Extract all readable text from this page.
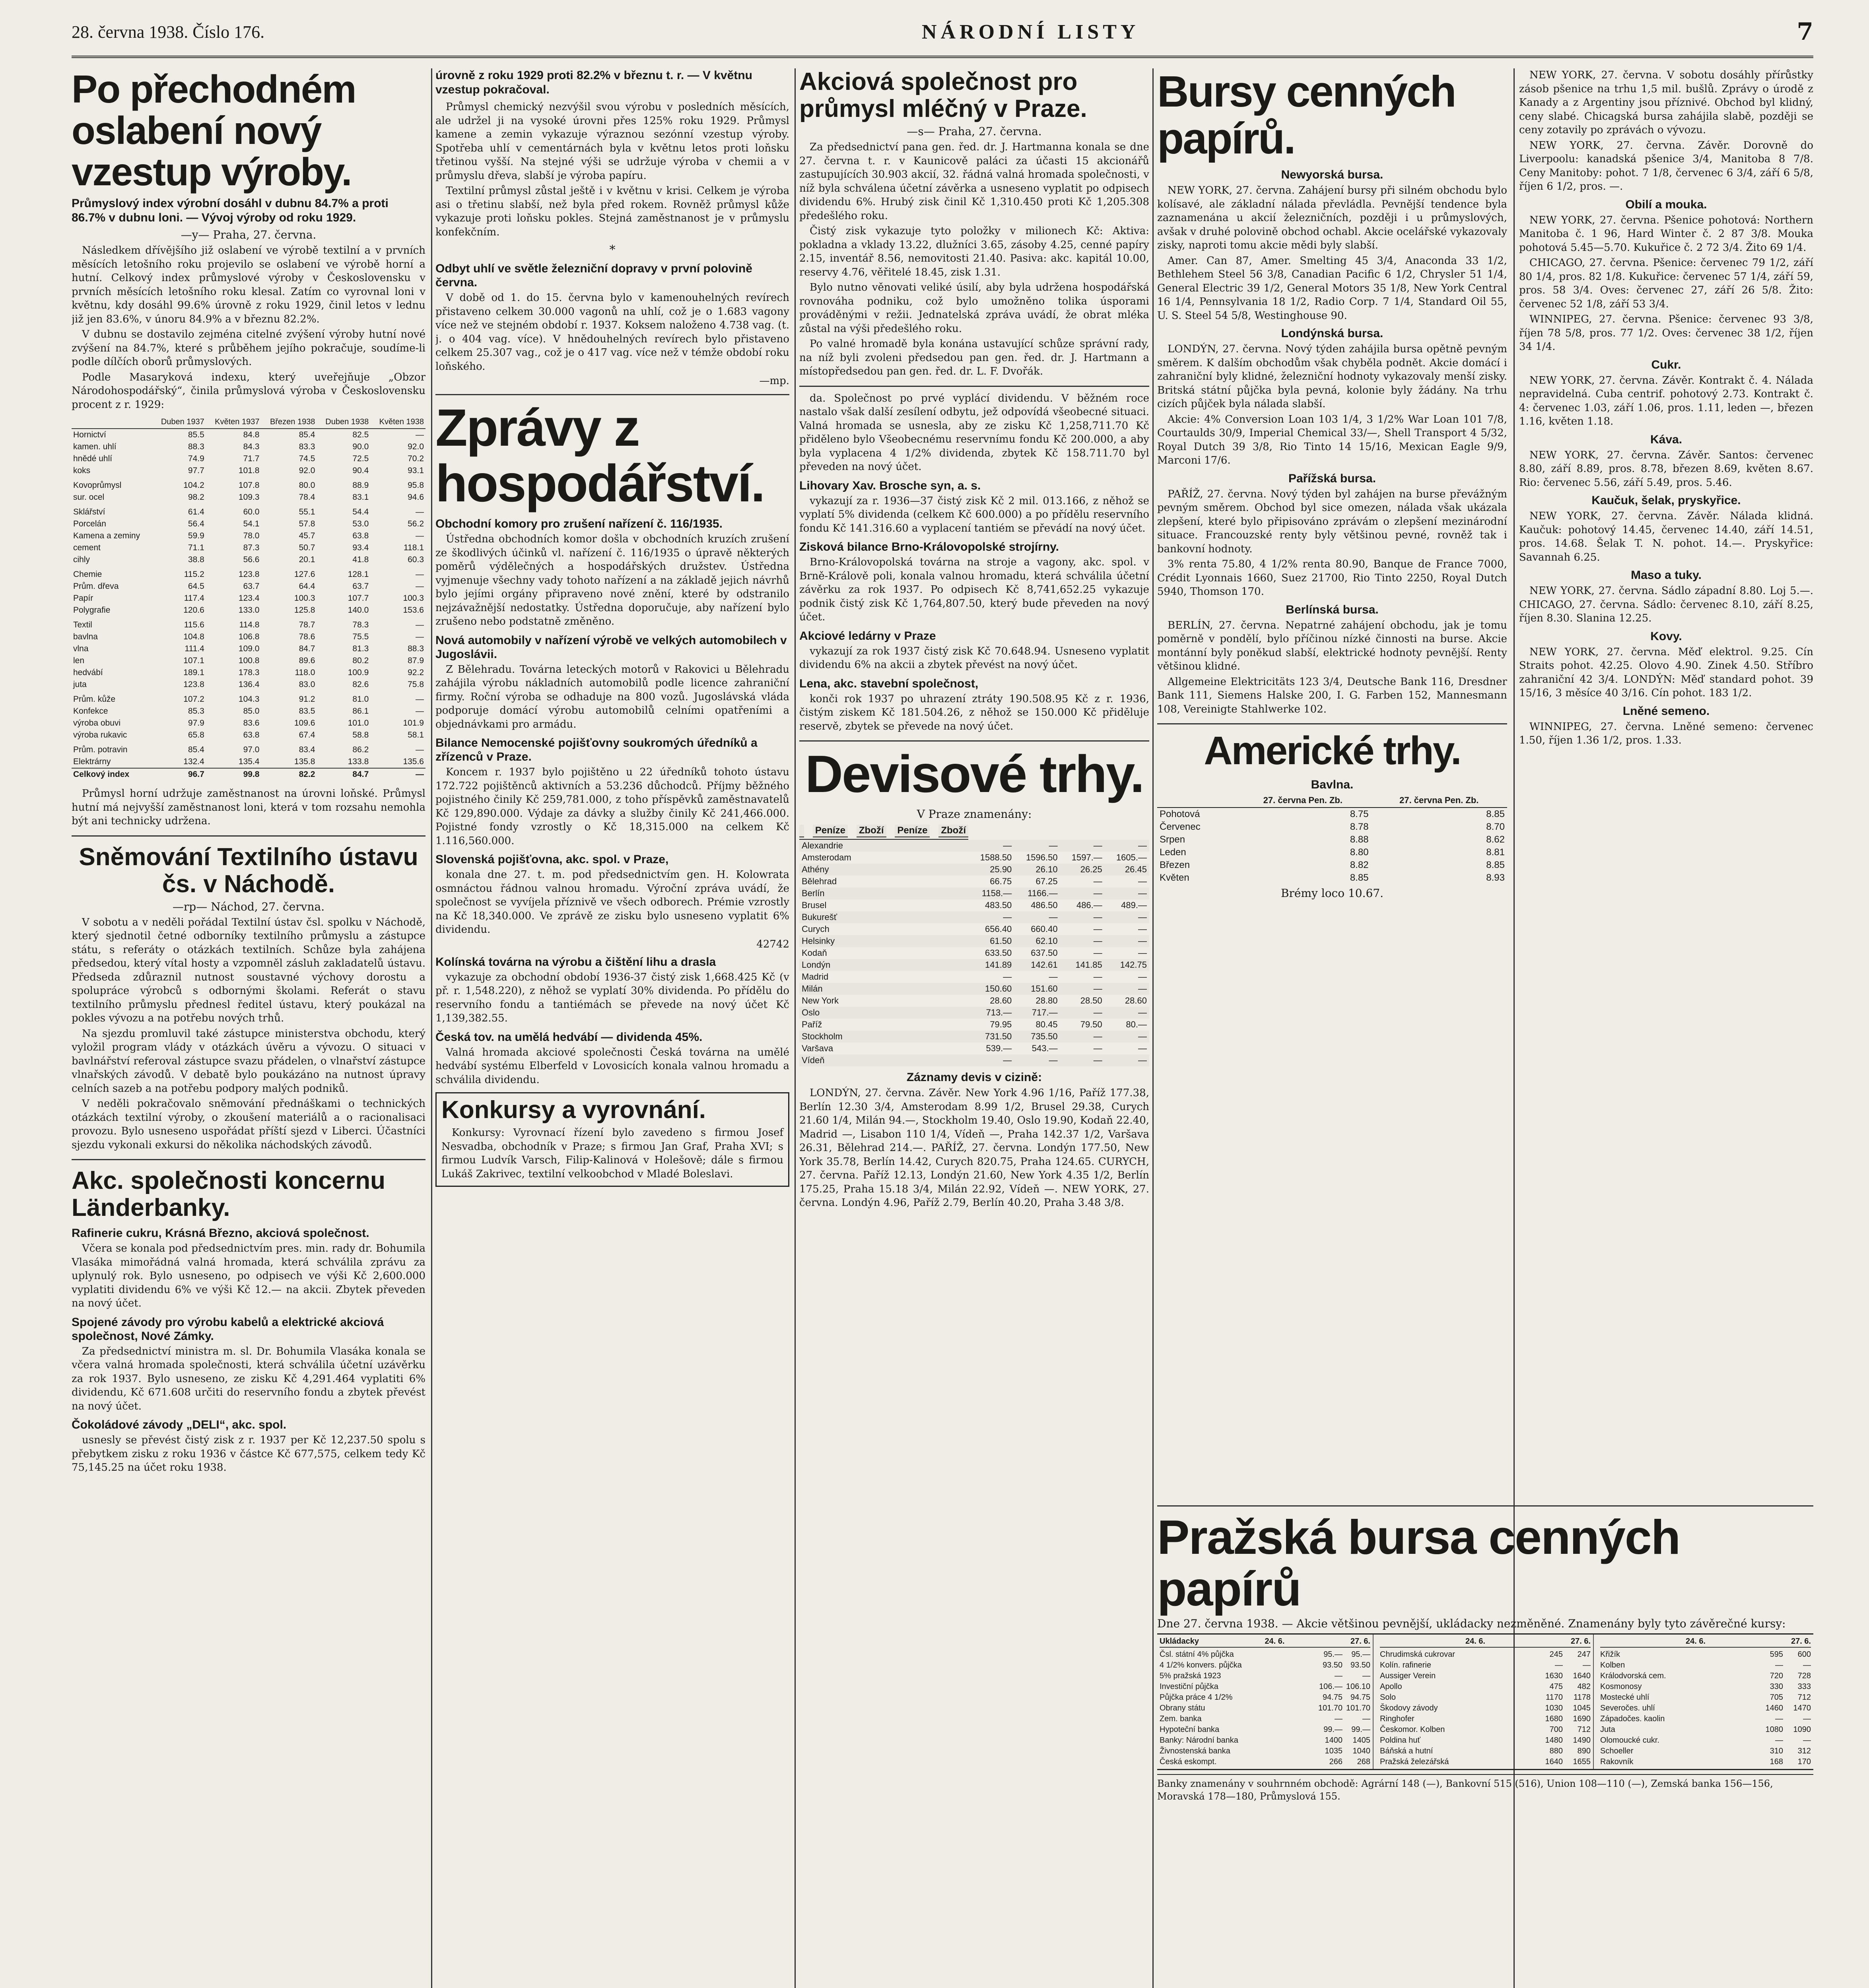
28. června 1938. Číslo 176.	NÁRODNÍ LISTY	7
Po přechodném oslabení nový vzestup výroby.
Průmyslový index výrobní dosáhl v dubnu 84.7% a proti 86.7% v dubnu loni. — Vývoj výroby od roku 1929.
—y— Praha, 27. června.

Následkem dřívějšího již oslabení ve výrobě textilní a v prvních měsících letošního roku projevilo se oslabení ve výrobě horní a hutní. Celkový index průmyslové výroby v Československu v prvních měsících letošního roku klesal. Zatím co vyrovnal loni v květnu, kdy dosáhl 99.6% úrovně z roku 1929, činil letos v lednu již jen 83.6%, v únoru 84.9% a v březnu 82.2%.

V dubnu se dostavilo zejména citelné zvýšení výroby hutní nové zvýšení na 84.7%, které s průběhem jejího pokračuje, soudíme-li podle dílčích oborů průmyslových.

Podle Masaryková indexu, který uveřejňuje „Obzor Národohospodářský“, činila průmyslová výroba v Československu procent z r. 1929:

	Duben 1937	Květen 1937	Březen 1938	Duben 1938	Květen 1938
Hornictví	85.5	84.8	85.4	82.5	—
kamen. uhlí	88.3	84.3	83.3	90.0	92.0
hnědé uhlí	74.9	71.7	74.5	72.5	70.2
koks	97.7	101.8	92.0	90.4	93.1
Kovoprůmysl	104.2	107.8	80.0	88.9	95.8
sur. ocel	98.2	109.3	78.4	83.1	94.6
Sklářství	61.4	60.0	55.1	54.4	—
Porcelán	56.4	54.1	57.8	53.0	56.2
Kamena a zeminy	59.9	78.0	45.7	63.8	—
cement	71.1	87.3	50.7	93.4	118.1
cihly	38.8	56.6	20.1	41.8	60.3
Chemie	115.2	123.8	127.6	128.1	—
Prům. dřeva	64.5	63.7	64.4	63.7	—
Papír	117.4	123.4	100.3	107.7	100.3
Polygrafie	120.6	133.0	125.8	140.0	153.6
Textil	115.6	114.8	78.7	78.3	—
bavlna	104.8	106.8	78.6	75.5	—
vlna	111.4	109.0	84.7	81.3	88.3
len	107.1	100.8	89.6	80.2	87.9
hedvábí	189.1	178.3	118.0	100.9	92.2
juta	123.8	136.4	83.0	82.6	75.8
Prům. kůže	107.2	104.3	91.2	81.0	—
Konfekce	85.3	85.0	83.5	86.1	—
výroba obuvi	97.9	83.6	109.6	101.0	101.9
výroba rukavic	65.8	63.8	67.4	58.8	58.1
Prům. potravin	85.4	97.0	83.4	86.2	—
Elektrárny	132.4	135.4	135.8	133.8	135.6
Celkový index	96.7	99.8	82.2	84.7	—

Průmysl horní udržuje zaměstnanost na úrovni loňské. Průmysl hutní má nejvyšší zaměstnanost loni, která v tom rozsahu nemohla být ani technicky udržena.

Sněmování Textilního ústavu čs. v Náchodě.
—rp— Náchod, 27. června.

V sobotu a v neděli pořádal Textilní ústav čsl. spolku v Náchodě, který sjednotil četné odborníky textilního průmyslu a zástupce státu, s referáty o otázkách textilních. Schůze byla zahájena předsedou, který vítal hosty a vzpomněl zásluh zakladatelů ústavu. Předseda zdůraznil nutnost soustavné výchovy dorostu a spolupráce výrobců s odbornými školami. Referát o stavu textilního průmyslu přednesl ředitel ústavu, který poukázal na pokles vývozu a na potřebu nových trhů.

Na sjezdu promluvil také zástupce ministerstva obchodu, který vyložil program vlády v otázkách úvěru a vývozu. O situaci v bavlnářství referoval zástupce svazu přádelen, o vlnařství zástupce vlnařských závodů. V debatě bylo poukázáno na nutnost úpravy celních sazeb a na potřebu podpory malých podniků.

V neděli pokračovalo sněmování přednáškami o technických otázkách textilní výroby, o zkoušení materiálů a o racionalisaci provozu. Bylo usneseno uspořádat příští sjezd v Liberci. Účastníci sjezdu vykonali exkursi do několika náchodských závodů.

Akc. společnosti koncernu Länderbanky.
Rafinerie cukru, Krásná Březno, akciová společnost.

Včera se konala pod předsednictvím pres. min. rady dr. Bohumila Vlasáka mimořádná valná hromada, která schválila zprávu za uplynulý rok. Bylo usneseno, po odpisech ve výši Kč 2,600.000 vyplatiti dividendu 6% ve výši Kč 12.— na akcii. Zbytek převeden na nový účet.

Spojené závody pro výrobu kabelů a elektrické akciová společnost, Nové Zámky.

Za předsednictví ministra m. sl. Dr. Bohumila Vlasáka konala se včera valná hromada společnosti, která schválila účetní uzávěrku za rok 1937. Bylo usneseno, ze zisku Kč 4,291.464 vyplatiti 6% dividendu, Kč 671.608 určiti do reservního fondu a zbytek převést na nový účet.

Čokoládové závody „DELI“, akc. spol.

usnesly se převést čistý zisk z r. 1937 per Kč 12,237.50 spolu s přebytkem zisku z roku 1936 v částce Kč 677,575, celkem tedy Kč 75,145.25 na účet roku 1938.

úrovně z roku 1929 proti 82.2% v březnu t. r. — V květnu vzestup pokračoval.

Průmysl chemický nezvýšil svou výrobu v posledních měsících, ale udržel ji na vysoké úrovni přes 125% roku 1929. Průmysl kamene a zemin vykazuje výraznou sezónní vzestup výroby. Spotřeba uhlí v cementárnách byla v květnu letos proti loňsku třetinou vyšší. Na stejné výši se udržuje výroba v chemii a v průmyslu dřeva, slabší je výroba papíru.

Textilní průmysl zůstal ještě i v květnu v krisi. Celkem je výroba asi o třetinu slabší, než byla před rokem. Rovněž průmysl kůže vykazuje proti loňsku pokles. Stejná zaměstnanost je v průmyslu konfekčním.

*
Odbyt uhlí ve světle železniční dopravy v první polovině června.

V době od 1. do 15. června bylo v kamenouhelných revírech přistaveno celkem 30.000 vagonů na uhlí, což je o 1.683 vagony více než ve stejném období r. 1937. Koksem naloženo 4.738 vag. (t. j. o 404 vag. více). V hnědouhelných revírech bylo přistaveno celkem 25.307 vag., což je o 417 vag. více než v témže období roku loňského.

—mp.
Zprávy z hospodářství.
Obchodní komory pro zrušení nařízení č. 116/1935.

Ústředna obchodních komor došla v obchodních kruzích zrušení ze škodlivých účinků vl. nařízení č. 116/1935 o úpravě některých poměrů výdělečných a hospodářských družstev. Ústředna vyjmenuje všechny vady tohoto nařízení a na základě jejich návrhů bylo jejími orgány připraveno nové znění, které by odstranilo nejzávažnější nedostatky. Ústředna doporučuje, aby nařízení bylo zrušeno nebo podstatně změněno.

Nová automobily v nařízení výrobě ve velkých automobilech v Jugoslávii.

Z Bělehradu. Továrna leteckých motorů v Rakovici u Bělehradu zahájila výrobu nákladních automobilů podle licence zahraniční firmy. Roční výroba se odhaduje na 800 vozů. Jugoslávská vláda podporuje domácí výrobu automobilů celními opatřeními a objednávkami pro armádu.

Bilance Nemocenské pojišťovny soukromých úředníků a zřízenců v Praze.

Koncem r. 1937 bylo pojištěno u 22 úředníků tohoto ústavu 172.722 pojištěnců aktivních a 53.236 důchodců. Příjmy běžného pojistného činily Kč 259,781.000, z toho příspěvků zaměstnavatelů Kč 129,890.000. Výdaje za dávky a služby činily Kč 241,466.000. Pojistné fondy vzrostly o Kč 18,315.000 na celkem Kč 1.116,560.000.

Slovenská pojišťovna, akc. spol. v Praze,

konala dne 27. t. m. pod předsednictvím gen. H. Kolowrata osmnáctou řádnou valnou hromadu. Výroční zpráva uvádí, že společnost se vyvíjela příznivě ve všech odborech. Prémie vzrostly na Kč 18,340.000. Ve zprávě ze zisku bylo usneseno vyplatit 6% dividendu.

42742
Kolínská továrna na výrobu a čištění lihu a drasla

vykazuje za obchodní období 1936-37 čistý zisk 1,668.425 Kč (v př. r. 1,548.220), z něhož se vyplatí 30% dividenda. Po přídělu do reservního fondu a tantiémách se převede na nový účet Kč 1,139,382.55.

Česká tov. na umělá hedvábí — dividenda 45%.

Valná hromada akciové společnosti Česká továrna na umělé hedvábí systému Elberfeld v Lovosicích konala valnou hromadu a schválila dividendu.

Konkursy a vyrovnání.

Konkursy: Vyrovnací řízení bylo zavedeno s firmou Josef Nesvadba, obchodník v Praze; s firmou Jan Graf, Praha XVI; s firmou Ludvík Varsch, Filip-Kalinová v Holešově; dále s firmou Lukáš Zakrivec, textilní velkoobchod v Mladé Boleslavi.

Akciová společnost pro průmysl mléčný v Praze.
—s— Praha, 27. června.

Za předsednictví pana gen. řed. dr. J. Hartmanna konala se dne 27. června t. r. v Kaunicově paláci za účasti 15 akcionářů zastupujících 30.903 akcií, 32. řádná valná hromada společnosti, v níž byla schválena účetní závěrka a usneseno vyplatit po odpisech dividendu 6%. Hrubý zisk činil Kč 1,310.450 proti Kč 1,205.308 předešlého roku.

Čistý zisk vykazuje tyto položky v milionech Kč: Aktiva: pokladna a vklady 13.22, dlužníci 3.65, zásoby 4.25, cenné papíry 2.15, inventář 8.56, nemovitosti 21.40. Pasiva: akc. kapitál 10.00, reservy 4.76, věřitelé 18.45, zisk 1.31.

Bylo nutno věnovati veliké úsilí, aby byla udržena hospodářská rovnováha podniku, což bylo umožněno tolika úsporami prováděnými v režii. Jednatelská zpráva uvádí, že obrat mléka zůstal na výši předešlého roku.

Po valné hromadě byla konána ustavující schůze správní rady, na níž byli zvoleni předsedou pan gen. řed. dr. J. Hartmann a místopředsedou pan gen. řed. dr. L. F. Dvořák.

da. Společnost po prvé vyplácí dividendu. V běžném roce nastalo však další zesílení odbytu, jež odpovídá všeobecné situaci. Valná hromada se usnesla, aby ze zisku Kč 1,258,711.70 Kč přiděleno bylo Všeobecnému reservnímu fondu Kč 200.000, a aby byla vyplacena 4 1/2% dividenda, zbytek Kč 158.711.70 byl převeden na nový účet.

Lihovary Xav. Brosche syn, a. s.

vykazují za r. 1936—37 čistý zisk Kč 2 mil. 013.166, z něhož se vyplatí 5% dividenda (celkem Kč 600.000) a po přídělu reservního fondu Kč 141.316.60 a vyplacení tantiém se převádí na nový účet.

Zisková bilance Brno-Královopolské strojírny.

Brno-Královopolská továrna na stroje a vagony, akc. spol. v Brně-Králově poli, konala valnou hromadu, která schválila účetní závěrku za rok 1937. Po odpisech Kč 8,741,652.25 vykazuje podnik čistý zisk Kč 1,764,807.50, který bude převeden na nový účet.

Akciové ledárny v Praze

vykazují za rok 1937 čistý zisk Kč 70.648.94. Usneseno vyplatit dividendu 6% na akcii a zbytek převést na nový účet.

Lena, akc. stavební společnost,

konči rok 1937 po uhrazení ztráty 190.508.95 Kč z r. 1936, čistým ziskem Kč 181.504.26, z něhož se 150.000 Kč přiděluje reservě, zbytek se převede na nový účet.

Devisové trhy.
V Praze znamenány:
Peníze Zboží Peníze Zboží
Alexandrie	—	—	—	—
Amsterodam	1588.50	1596.50	1597.—	1605.—
Athény	25.90	26.10	26.25	26.45
Bělehrad	66.75	67.25	—	—
Berlín	1158.—	1166.—	—	—
Brusel	483.50	486.50	486.—	489.—
Bukurešť	—	—	—	—
Curych	656.40	660.40	—	—
Helsinky	61.50	62.10	—	—
Kodaň	633.50	637.50	—	—
Londýn	141.89	142.61	141.85	142.75
Madrid	—	—	—	—
Milán	150.60	151.60	—	—
New York	28.60	28.80	28.50	28.60
Oslo	713.—	717.—	—	—
Paříž	79.95	80.45	79.50	80.—
Stockholm	731.50	735.50	—	—
Varšava	539.—	543.—	—	—
Vídeň	—	—	—	—
Záznamy devis v cizině:

LONDÝN, 27. června. Závěr. New York 4.96 1/16, Paříž 177.38, Berlín 12.30 3/4, Amsterodam 8.99 1/2, Brusel 29.38, Curych 21.60 1/4, Milán 94.—, Stockholm 19.40, Oslo 19.90, Kodaň 22.40, Madrid —, Lisabon 110 1/4, Vídeň —, Praha 142.37 1/2, Varšava 26.31, Bělehrad 214.—. PAŘÍŽ, 27. června. Londýn 177.50, New York 35.78, Berlín 14.42, Curych 820.75, Praha 124.65. CURYCH, 27. června. Paříž 12.13, Londýn 21.60, New York 4.35 1/2, Berlín 175.25, Praha 15.18 3/4, Milán 22.92, Vídeň —. NEW YORK, 27. června. Londýn 4.96, Paříž 2.79, Berlín 40.20, Praha 3.48 3/8.

Bursy cenných papírů.
Newyorská bursa.

NEW YORK, 27. června. Zahájení bursy při silném obchodu bylo kolísavé, ale základní nálada převládla. Pevnější tendence byla zaznamenána u akcií železničních, později i u průmyslových, avšak v druhé polovině obchod ochabl. Akcie ocelářské vykazovaly zisky, naproti tomu akcie mědi byly slabší.

Amer. Can 87, Amer. Smelting 45 3/4, Anaconda 33 1/2, Bethlehem Steel 56 3/8, Canadian Pacific 6 1/2, Chrysler 51 1/4, General Electric 39 1/2, General Motors 35 1/8, New York Central 16 1/4, Pennsylvania 18 1/2, Radio Corp. 7 1/4, Standard Oil 55, U. S. Steel 54 5/8, Westinghouse 90.

Londýnská bursa.

LONDÝN, 27. června. Nový týden zahájila bursa opětně pevným směrem. K dalším obchodům však chyběla podnět. Akcie domácí i zahraniční byly klidné, železniční hodnoty vykazovaly menší zisky. Britská státní půjčka byla pevná, kolonie byly žádány. Na trhu cizích půjček byla nálada slabší.

Akcie: 4% Conversion Loan 103 1/4, 3 1/2% War Loan 101 7/8, Courtaulds 30/9, Imperial Chemical 33/—, Shell Transport 4 5/32, Royal Dutch 39 3/8, Rio Tinto 14 15/16, Mexican Eagle 9/9, Marconi 17/6.

Pařížská bursa.

PAŘÍŽ, 27. června. Nový týden byl zahájen na burse převážným pevným směrem. Obchod byl sice omezen, nálada však ukázala zlepšení, které bylo připisováno zprávám o zlepšení mezinárodní situace. Francouzské renty byly většinou pevné, rovněž tak i bankovní hodnoty.

3% renta 75.80, 4 1/2% renta 80.90, Banque de France 7000, Crédit Lyonnais 1660, Suez 21700, Rio Tinto 2250, Royal Dutch 5940, Thomson 170.

Berlínská bursa.

BERLÍN, 27. června. Nepatrné zahájení obchodu, jak je tomu poměrně v pondělí, bylo příčinou nízké činnosti na burse. Akcie montánní byly poněkud slabší, elektrické hodnoty pevnější. Renty většinou klidné.

Allgemeine Elektricitäts 123 3/4, Deutsche Bank 116, Dresdner Bank 111, Siemens Halske 200, I. G. Farben 152, Mannesmann 108, Vereinigte Stahlwerke 102.

Americké trhy.
Bavlna.
	27. června Pen. Zb.	27. června Pen. Zb.
Pohotová	8.75	8.85
Červenec	8.78	8.70
Srpen	8.88	8.62
Leden	8.80	8.81
Březen	8.82	8.85
Květen	8.85	8.93
Brémy loco 10.67.

NEW YORK, 27. června. V sobotu dosáhly přírůstky zásob pšenice na trhu 1,5 mil. bušlů. Zprávy o úrodě z Kanady a z Argentiny jsou příznivé. Obchod byl klidný, ceny slabé. Chicagská bursa zahájila slabě, později se ceny zotavily po zprávách o vývozu.

NEW YORK, 27. června. Závěr. Dorovně do Liverpoolu: kanadská pšenice 3/4, Manitoba 8 7/8. Ceny Manitoby: pohot. 7 1/8, červenec 6 3/4, září 6 5/8, říjen 6 1/2, pros. —.

Obilí a mouka.

NEW YORK, 27. června. Pšenice pohotová: Northern Manitoba č. 1 96, Hard Winter č. 2 87 3/8. Mouka pohotová 5.45—5.70. Kukuřice č. 2 72 3/4. Žito 69 1/4.

CHICAGO, 27. června. Pšenice: červenec 79 1/2, září 80 1/4, pros. 82 1/8. Kukuřice: červenec 57 1/4, září 59, pros. 58 3/4. Oves: červenec 27, září 26 5/8. Žito: červenec 52 1/8, září 53 3/4.

WINNIPEG, 27. června. Pšenice: červenec 93 3/8, říjen 78 5/8, pros. 77 1/2. Oves: červenec 38 1/2, říjen 34 1/4.

Cukr.

NEW YORK, 27. června. Závěr. Kontrakt č. 4. Nálada nepravidelná. Cuba centrif. pohotový 2.73. Kontrakt č. 4: červenec 1.03, září 1.06, pros. 1.11, leden —, březen 1.16, květen 1.18.

Káva.

NEW YORK, 27. června. Závěr. Santos: červenec 8.80, září 8.89, pros. 8.78, březen 8.69, květen 8.67. Rio: červenec 5.56, září 5.49, pros. 5.46.

Kaučuk, šelak, pryskyřice.

NEW YORK, 27. června. Závěr. Nálada klidná. Kaučuk: pohotový 14.45, červenec 14.40, září 14.51, pros. 14.68. Šelak T. N. pohot. 14.—. Pryskyřice: Savannah 6.25.

Maso a tuky.

NEW YORK, 27. června. Sádlo západní 8.80. Loj 5.—. CHICAGO, 27. června. Sádlo: červenec 8.10, září 8.25, říjen 8.30. Slanina 12.25.

Kovy.

NEW YORK, 27. června. Měď elektrol. 9.25. Cín Straits pohot. 42.25. Olovo 4.90. Zinek 4.50. Stříbro zahraniční 42 3/4. LONDÝN: Měď standard pohot. 39 15/16, 3 měsíce 40 3/16. Cín pohot. 183 1/2.

Lněné semeno.

WINNIPEG, 27. června. Lněné semeno: červenec 1.50, říjen 1.36 1/2, pros. 1.33.

Pražská bursa cenných papírů
Dne 27. června 1938. — Akcie většinou pevnější, ukládacky nezměněné. Znamenány byly tyto závěrečné kursy:
Ukládacky	24. 6.	27. 6.
Čsl. státní 4% půjčka	95.—	95.—
4 1/2% konvers. půjčka	93.50 93.50
5% pražská 1923	—	—
Investiční půjčka	106.— 106.10
Půjčka práce 4 1/2%	94.75 94.75
Obrany státu	101.70 101.70
Zem. banka	—	—
Hypoteční banka	99.—	99.—
Banky: Národní banka	1400	1405
Živnostenská banka	1035	1040
Česká eskompt.	266	268
24. 6.	27. 6.
Chrudimská cukrovar	245	247
Kolín. rafinerie	—	—
Aussiger Verein	1630	1640
Apollo	475	482
Solo	1170	1178
Škodovy závody	1030	1045
Ringhofer	1680	1690
Českomor. Kolben	700	712
Poldina huť	1480	1490
Báňská a hutní	880	890
Pražská železářská	1640	1655
24. 6.	27. 6.
Křižík	595	600
Kolben	—	—
Králodvorská cem.	720	728
Kosmonosy	330	333
Mostecké uhlí	705	712
Severočes. uhlí	1460	1470
Západočes. kaolin	—	—
Juta	1080	1090
Olomoucké cukr.	—	—
Schoeller	310	312
Rakovník	168	170
Banky znamenány v souhrnném obchodě: Agrární 148 (—), Bankovní 515 (516), Union 108—110 (—), Zemská banka 156—156, Moravská 178—180, Průmyslová 155.
